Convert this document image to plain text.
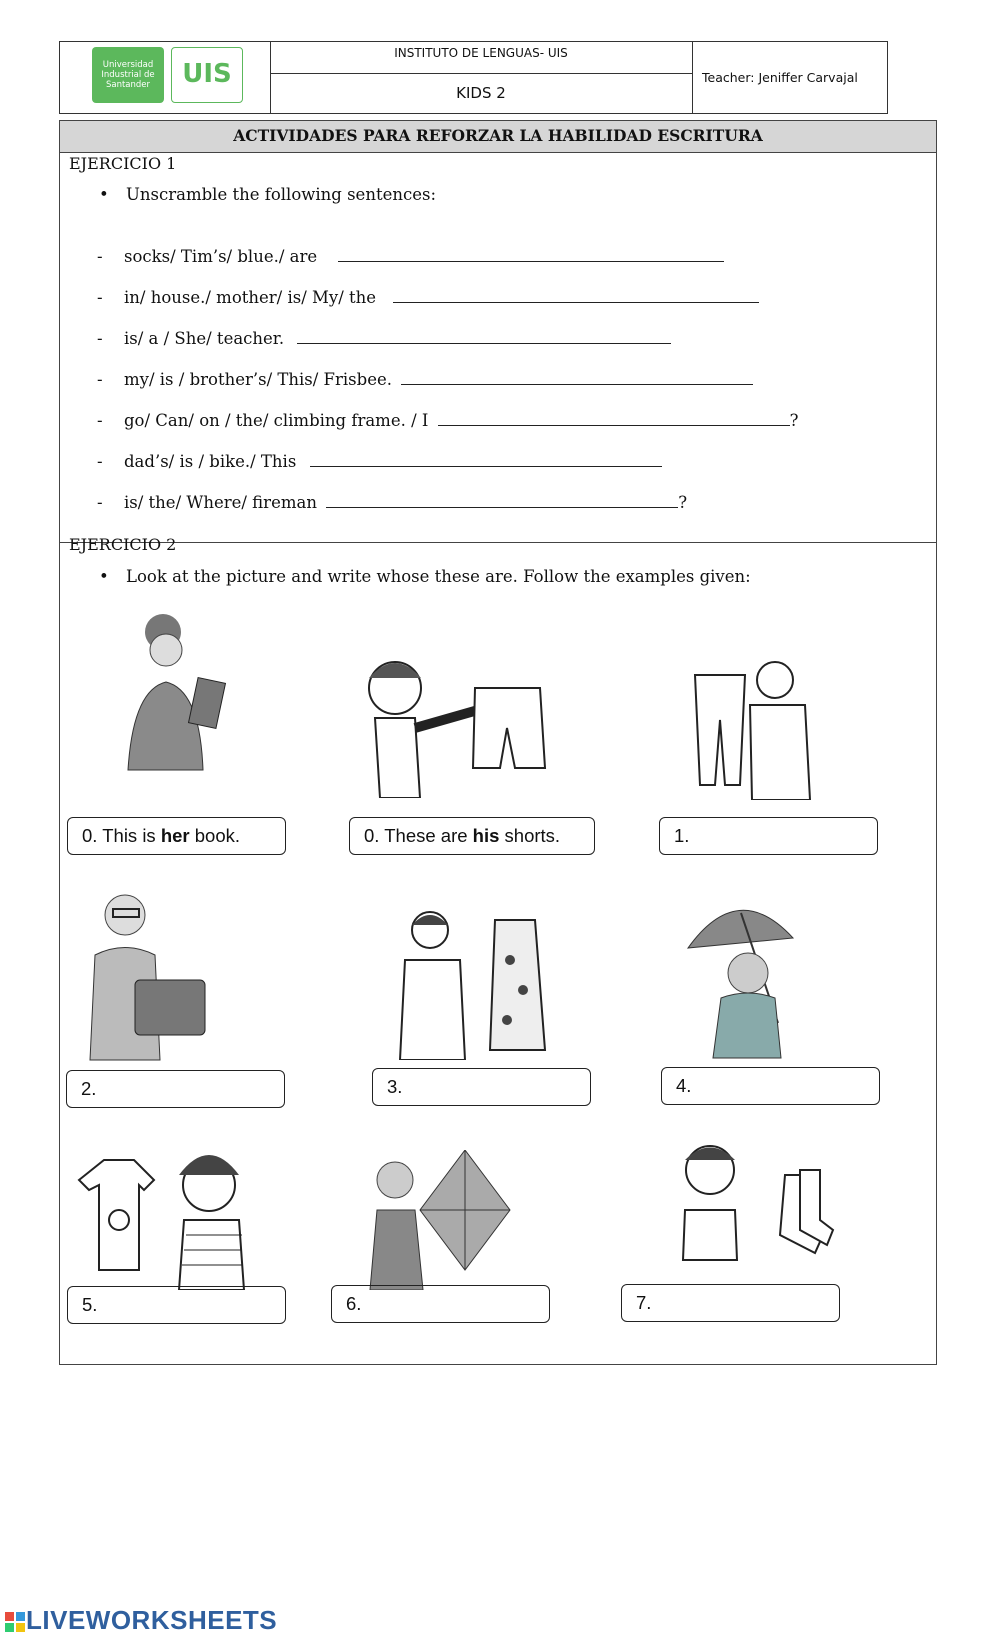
Universidad Industrial de Santander	UIS
INSTITUTO DE LENGUAS- UIS
KIDS 2
Teacher: Jeniffer Carvajal
ACTIVIDADES PARA REFORZAR LA HABILIDAD ESCRITURA
EJERCICIO 1
• Unscramble the following sentences:
- socks/ Tim’s/ blue./ are
- in/ house./ mother/ is/ My/ the
- is/ a / She/ teacher.
- my/ is / brother’s/ This/ Frisbee.
- go/ Can/ on / the/ climbing frame. / I	?
- dad’s/ is / bike./ This
- is/ the/ Where/ fireman	?
EJERCICIO 2
• Look at the picture and write whose these are. Follow the examples given:
0. This is her book.	0. These are his shorts.	1.
2.	3.	4.
5.	6.	7.

LIVEWORKSHEETS
